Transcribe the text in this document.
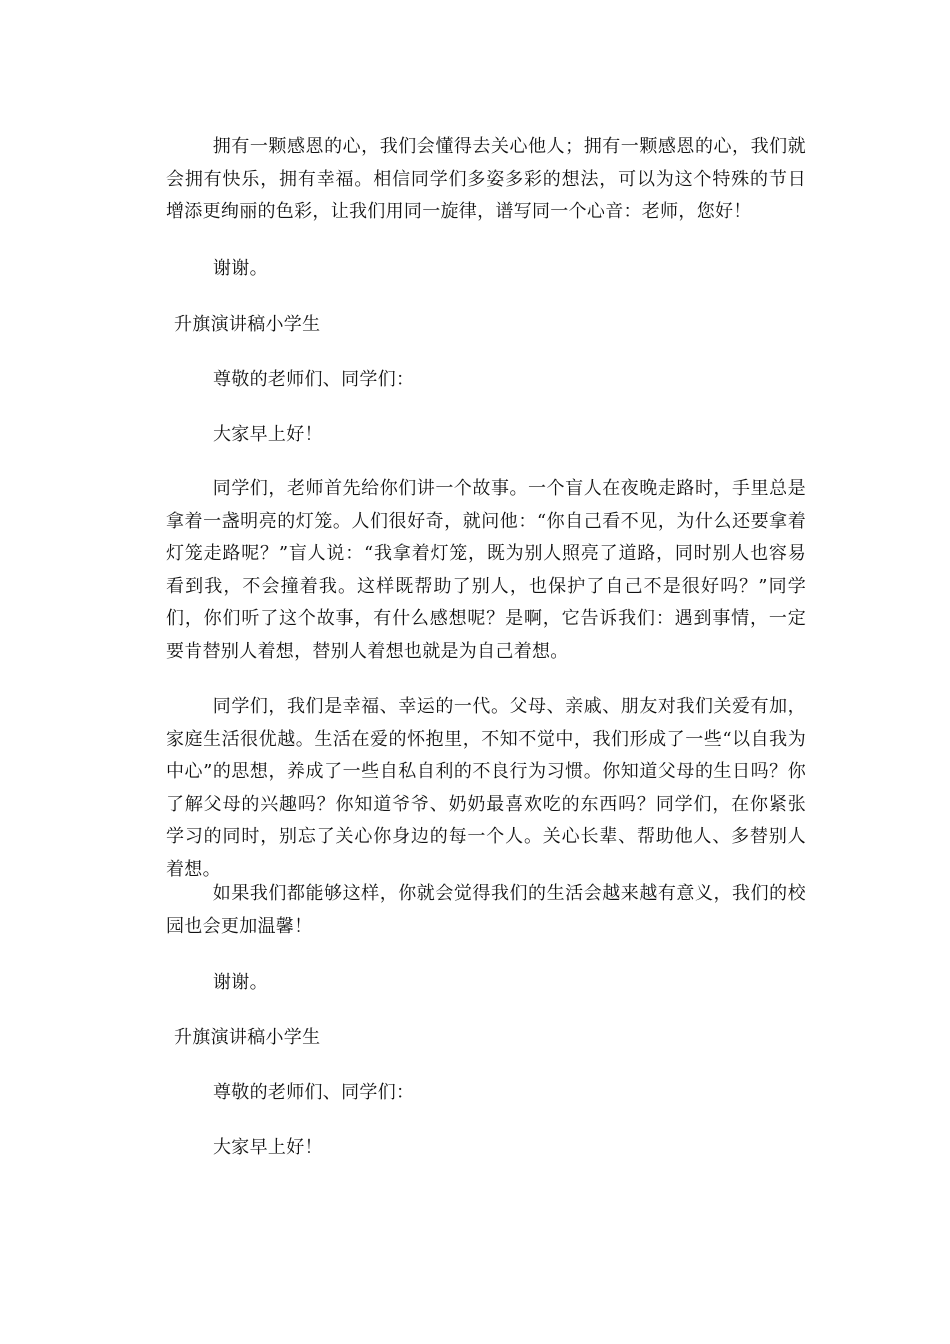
拥有一颗感恩的心，我们会懂得去关心他人；拥有一颗感恩的心，我们就会拥有快乐，拥有幸福。相信同学们多姿多彩的想法，可以为这个特殊的节日增添更绚丽的色彩，让我们用同一旋律，谱写同一个心音：老师，您好！

谢谢。

升旗演讲稿小学生

尊敬的老师们、同学们：

大家早上好！

同学们，老师首先给你们讲一个故事。一个盲人在夜晚走路时，手里总是拿着一盏明亮的灯笼。人们很好奇，就问他：“你自己看不见，为什么还要拿着灯笼走路呢？”盲人说：“我拿着灯笼，既为别人照亮了道路，同时别人也容易看到我，不会撞着我。这样既帮助了别人，也保护了自己不是很好吗？”同学们，你们听了这个故事，有什么感想呢？是啊，它告诉我们：遇到事情，一定要肯替别人着想，替别人着想也就是为自己着想。

同学们，我们是幸福、幸运的一代。父母、亲戚、朋友对我们关爱有加，家庭生活很优越。生活在爱的怀抱里，不知不觉中，我们形成了一些“以自我为中心”的思想，养成了一些自私自利的不良行为习惯。你知道父母的生日吗？你了解父母的兴趣吗？你知道爷爷、奶奶最喜欢吃的东西吗？同学们，在你紧张学习的同时，别忘了关心你身边的每一个人。关心长辈、帮助他人、多替别人着想。

如果我们都能够这样，你就会觉得我们的生活会越来越有意义，我们的校园也会更加温馨！

谢谢。

升旗演讲稿小学生

尊敬的老师们、同学们：

大家早上好！
